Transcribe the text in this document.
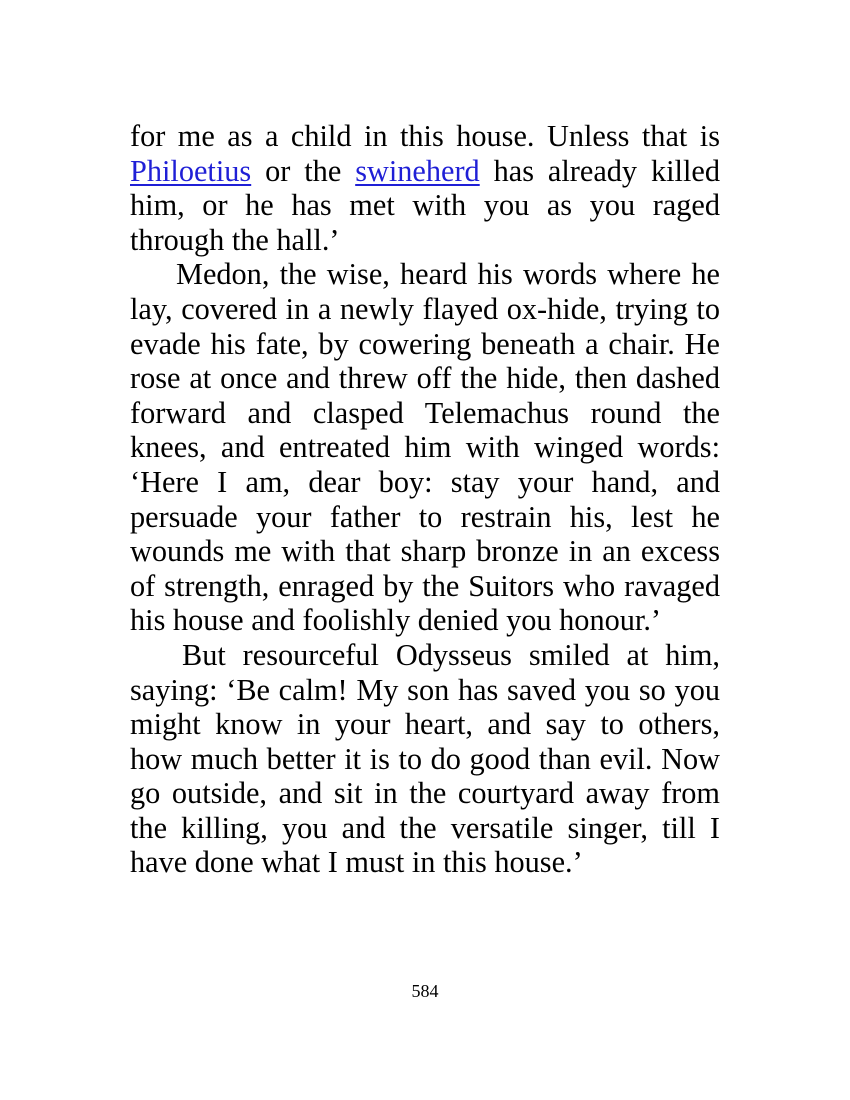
for me as a child in this house. Unless that is Philoetius or the swineherd has already killed him, or he has met with you as you raged through the hall.’

Medon, the wise, heard his words where he lay, covered in a newly flayed ox-hide, trying to evade his fate, by cowering beneath a chair. He rose at once and threw off the hide, then dashed forward and clasped Telemachus round the knees, and entreated him with winged words: ‘Here I am, dear boy: stay your hand, and persuade your father to restrain his, lest he wounds me with that sharp bronze in an excess of strength, enraged by the Suitors who ravaged his house and foolishly denied you honour.’

But resourceful Odysseus smiled at him, saying: ‘Be calm! My son has saved you so you might know in your heart, and say to others, how much better it is to do good than evil. Now go outside, and sit in the courtyard away from the killing, you and the versatile singer, till I have done what I must in this house.’

584
